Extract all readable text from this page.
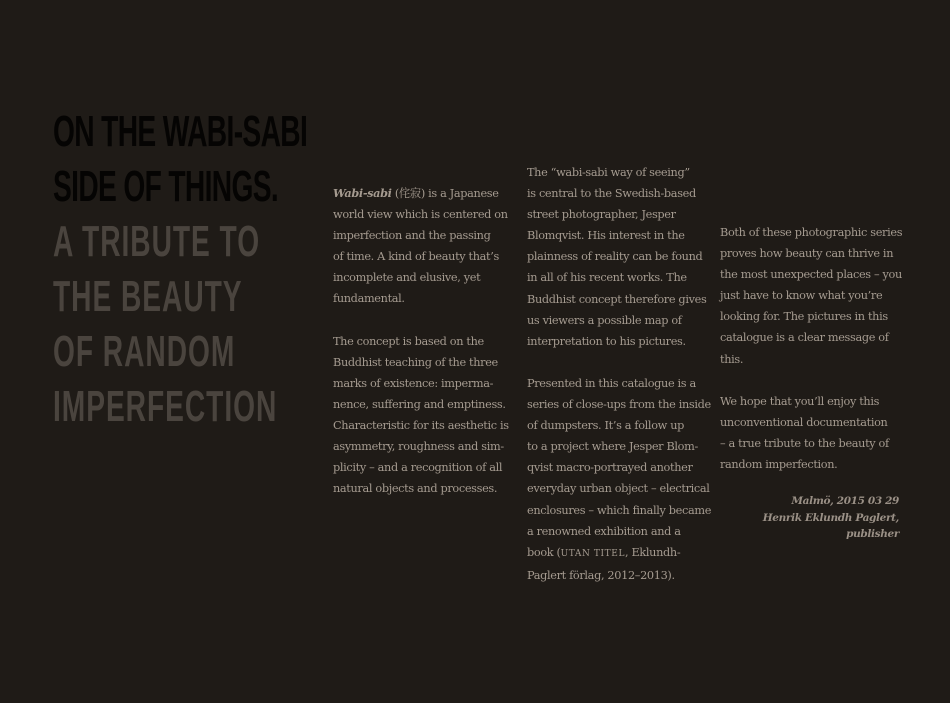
ON THE WABI-SABI
SIDE OF THINGS.
A TRIBUTE TO
THE BEAUTY
OF RANDOM
IMPERFECTION

Wabi-sabi (侘寂) is a Japanese
world view which is centered on
imperfection and the passing
of time. A kind of beauty that’s
incomplete and elusive, yet
fundamental.

The concept is based on the
Buddhist teaching of the three
marks of existence: imperma-
nence, suffering and emptiness.
Characteristic for its aesthetic is
asymmetry, roughness and sim-
plicity – and a recognition of all
natural objects and processes.

The “wabi-sabi way of seeing”
is central to the Swedish-based
street photographer, Jesper
Blomqvist. His interest in the
plainness of reality can be found
in all of his recent works. The
Buddhist concept therefore gives
us viewers a possible map of
interpretation to his pictures.

Presented in this catalogue is a
series of close-ups from the inside
of dumpsters. It’s a follow up
to a project where Jesper Blom-
qvist macro-portrayed another
everyday urban object – electrical
enclosures – which finally became
a renowned exhibition and a
book (UTAN TITEL, Eklundh-
Paglert förlag, 2012–2013).

Both of these photographic series
proves how beauty can thrive in
the most unexpected places – you
just have to know what you’re
looking for. The pictures in this
catalogue is a clear message of
this.

We hope that you’ll enjoy this
unconventional documentation
– a true tribute to the beauty of
random imperfection.

Malmö, 2015 03 29
Henrik Eklundh Paglert,
publisher
